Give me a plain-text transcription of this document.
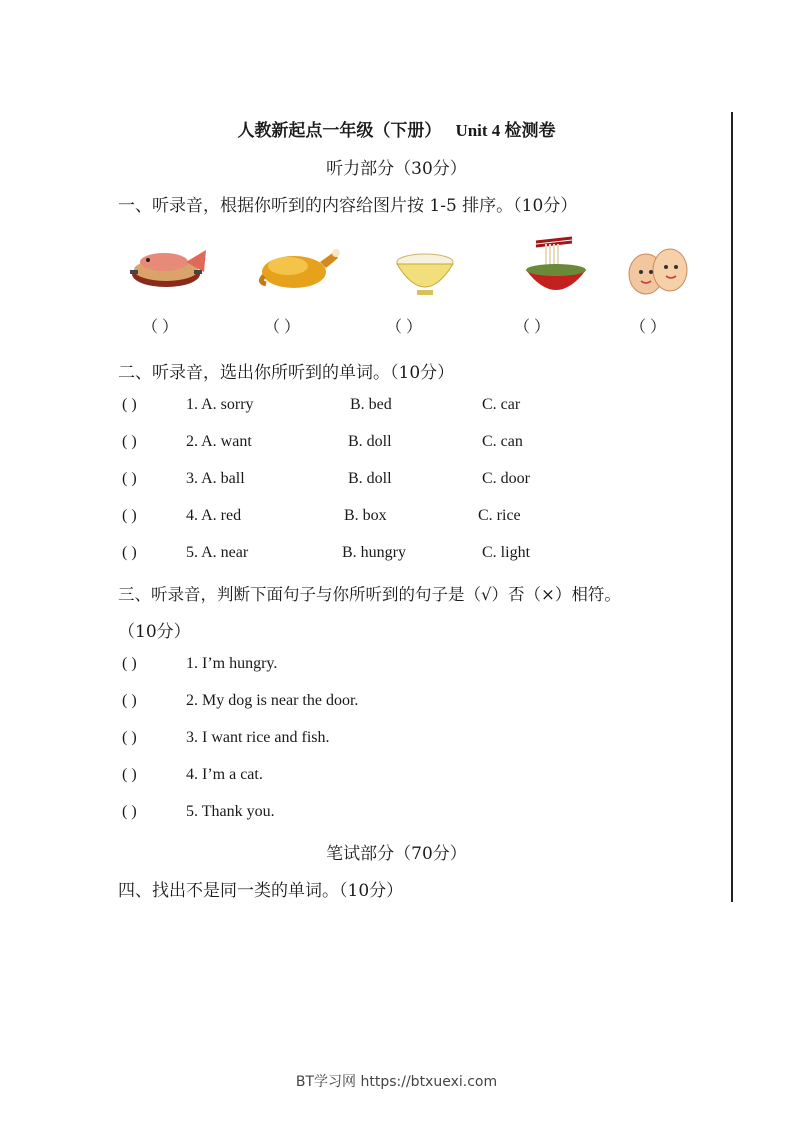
人教新起点一年级（下册） Unit 4 检测卷
听力部分（30分）
一、听录音，根据你听到的内容给图片按 1-5 排序。（10分）
（ ）	（ ）	（ ）	（ ）	（ ）
二、听录音，选出你所听到的单词。（10分）
( )	1. A. sorry	B. bed	C. car
( )	2. A. want	B. doll	C. can
( )	3. A. ball	B. doll	C. door
( )	4. A. red	B. box	C. rice
( )	5. A. near	B. hungry	C. light
三、听录音，判断下面句子与你所听到的句子是（√）否（×）相符。
（10分）
( )	1. I’m hungry.
( )	2. My dog is near the door.
( )	3. I want rice and fish.
( )	4. I’m a cat.
( )	5. Thank you.
笔试部分（70分）
四、找出不是同一类的单词。（10分）
BT学习网 https://btxuexi.com
